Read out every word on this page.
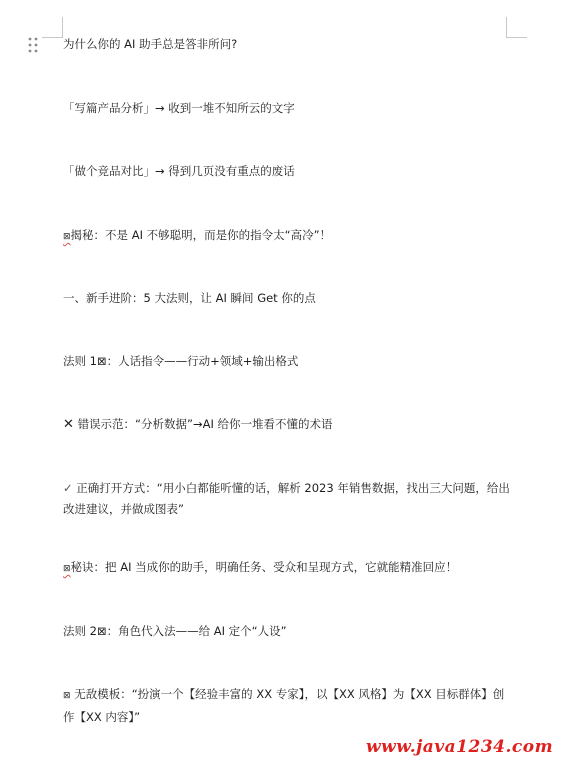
为什么你的 AI 助手总是答非所问?
「写篇产品分析」→ 收到一堆不知所云的文字
「做个竞品对比」→ 得到几页没有重点的废话
⊠揭秘：不是 AI 不够聪明，而是你的指令太“高冷”！
一、新手进阶：5 大法则，让 AI 瞬间 Get 你的点
法则 1⊠：人话指令——行动+领域+输出格式
✕ 错误示范：“分析数据”→AI 给你一堆看不懂的术语
✓ 正确打开方式：“用小白都能听懂的话，解析 2023 年销售数据，找出三大问题，给出改进建议，并做成图表”
⊠秘诀：把 AI 当成你的助手，明确任务、受众和呈现方式，它就能精准回应！
法则 2⊠：角色代入法——给 AI 定个“人设”
⊠ 无敌模板：“扮演一个【经验丰富的 XX 专家】，以【XX 风格】为【XX 目标群体】创作【XX 内容】”
www.java1234.com
